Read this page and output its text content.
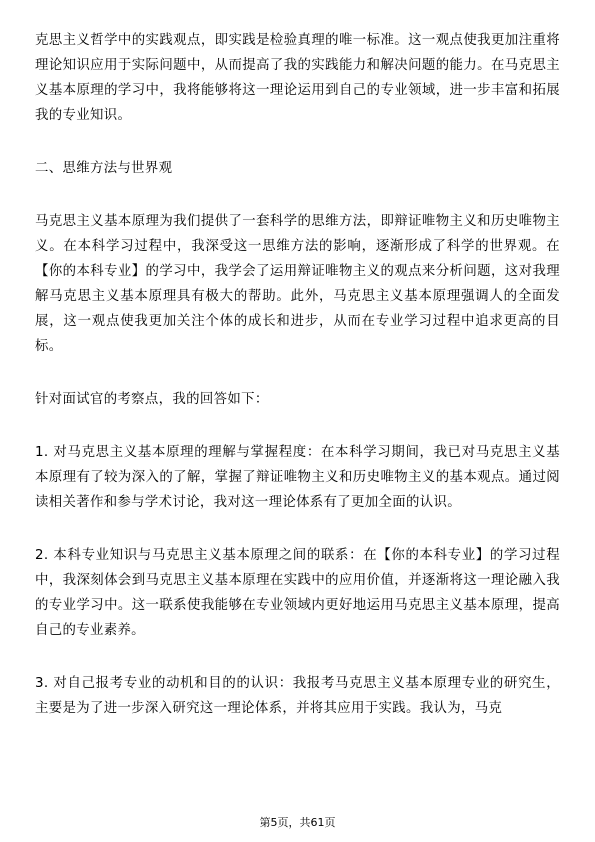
克思主义哲学中的实践观点，即实践是检验真理的唯一标准。这一观点使我更加注重将理论知识应用于实际问题中，从而提高了我的实践能力和解决问题的能力。在马克思主义基本原理的学习中，我将能够将这一理论运用到自己的专业领域，进一步丰富和拓展我的专业知识。

二、思维方法与世界观

马克思主义基本原理为我们提供了一套科学的思维方法，即辩证唯物主义和历史唯物主义。在本科学习过程中，我深受这一思维方法的影响，逐渐形成了科学的世界观。在【你的本科专业】的学习中，我学会了运用辩证唯物主义的观点来分析问题，这对我理解马克思主义基本原理具有极大的帮助。此外，马克思主义基本原理强调人的全面发展，这一观点使我更加关注个体的成长和进步，从而在专业学习过程中追求更高的目标。

针对面试官的考察点，我的回答如下：

1. 对马克思主义基本原理的理解与掌握程度：在本科学习期间，我已对马克思主义基本原理有了较为深入的了解，掌握了辩证唯物主义和历史唯物主义的基本观点。通过阅读相关著作和参与学术讨论，我对这一理论体系有了更加全面的认识。

2. 本科专业知识与马克思主义基本原理之间的联系：在【你的本科专业】的学习过程中，我深刻体会到马克思主义基本原理在实践中的应用价值，并逐渐将这一理论融入我的专业学习中。这一联系使我能够在专业领域内更好地运用马克思主义基本原理，提高自己的专业素养。

3. 对自己报考专业的动机和目的的认识：我报考马克思主义基本原理专业的研究生，主要是为了进一步深入研究这一理论体系，并将其应用于实践。我认为，马克

第5页，共61页
